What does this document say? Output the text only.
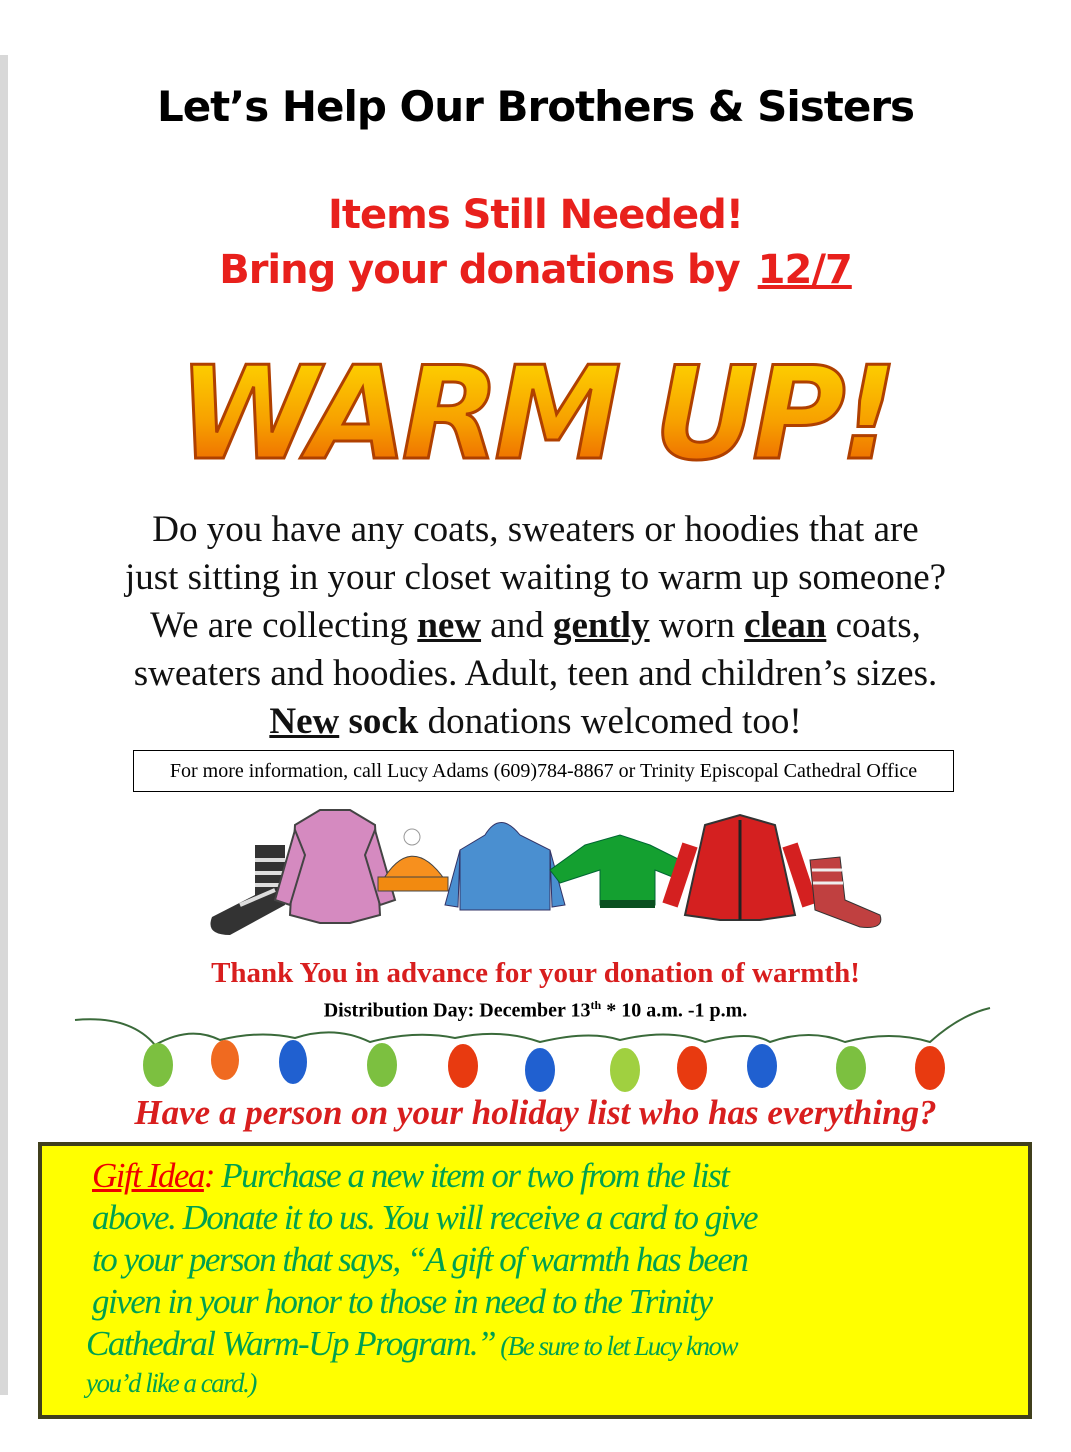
Let’s Help Our Brothers & Sisters
Items Still Needed!
Bring your donations by 12/7
WARM UP!
Do you have any coats, sweaters or hoodies that are
just sitting in your closet waiting to warm up someone?
We are collecting new and gently worn clean coats,
sweaters and hoodies. Adult, teen and children’s sizes.
New sock donations welcomed too!
For more information, call Lucy Adams (609)784-8867 or Trinity Episcopal Cathedral Office
Thank You in advance for your donation of warmth!
Distribution Day: December 13th * 10 a.m. -1 p.m.
Have a person on your holiday list who has everything?

Gift Idea: Purchase a new item or two from the list

above. Donate it to us. You will receive a card to give

to your person that says, “A gift of warmth has been

given in your honor to those in need to the Trinity

Cathedral Warm-Up Program.” (Be sure to let Lucy know

you’d like a card.)
